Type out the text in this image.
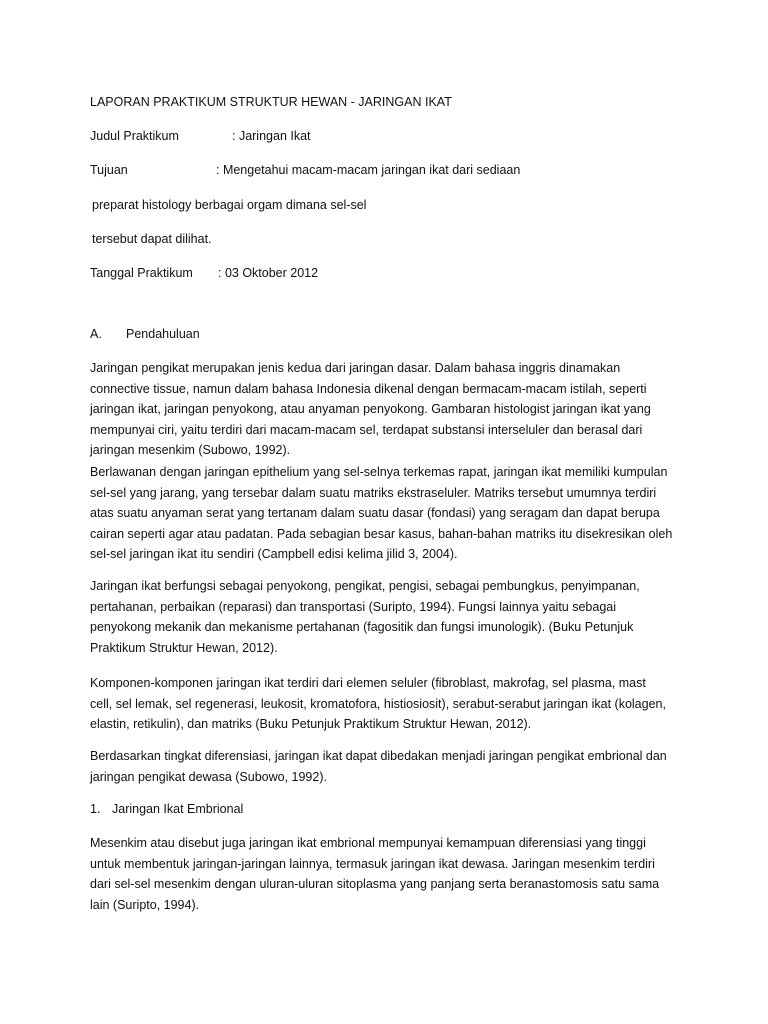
LAPORAN PRAKTIKUM STRUKTUR HEWAN - JARINGAN IKAT
Judul Praktikum	: Jaringan Ikat
Tujuan	: Mengetahui macam-macam jaringan ikat dari sediaan
preparat histology berbagai orgam dimana sel-sel
tersebut dapat dilihat.
Tanggal Praktikum : 03 Oktober 2012
A. Pendahuluan

Jaringan pengikat merupakan jenis kedua dari jaringan dasar. Dalam bahasa inggris dinamakan

connective tissue, namun dalam bahasa Indonesia dikenal dengan bermacam-macam istilah, seperti

jaringan ikat, jaringan penyokong, atau anyaman penyokong. Gambaran histologist jaringan ikat yang

mempunyai ciri, yaitu terdiri dari macam-macam sel, terdapat substansi interseluler dan berasal dari

jaringan mesenkim (Subowo, 1992).

Berlawanan dengan jaringan epithelium yang sel-selnya terkemas rapat, jaringan ikat memiliki kumpulan

sel-sel yang jarang, yang tersebar dalam suatu matriks ekstraseluler. Matriks tersebut umumnya terdiri

atas suatu anyaman serat yang tertanam dalam suatu dasar (fondasi) yang seragam dan dapat berupa

cairan seperti agar atau padatan. Pada sebagian besar kasus, bahan-bahan matriks itu disekresikan oleh

sel-sel jaringan ikat itu sendiri (Campbell edisi kelima jilid 3, 2004).

Jaringan ikat berfungsi sebagai penyokong, pengikat, pengisi, sebagai pembungkus, penyimpanan,

pertahanan, perbaikan (reparasi) dan transportasi (Suripto, 1994). Fungsi lainnya yaitu sebagai

penyokong mekanik dan mekanisme pertahanan (fagositik dan fungsi imunologik). (Buku Petunjuk

Praktikum Struktur Hewan, 2012).

Komponen-komponen jaringan ikat terdiri dari elemen seluler (fibroblast, makrofag, sel plasma, mast

cell, sel lemak, sel regenerasi, leukosit, kromatofora, histiosiosit), serabut-serabut jaringan ikat (kolagen,

elastin, retikulin), dan matriks (Buku Petunjuk Praktikum Struktur Hewan, 2012).

Berdasarkan tingkat diferensiasi, jaringan ikat dapat dibedakan menjadi jaringan pengikat embrional dan

jaringan pengikat dewasa (Subowo, 1992).

1. Jaringan Ikat Embrional

Mesenkim atau disebut juga jaringan ikat embrional mempunyai kemampuan diferensiasi yang tinggi

untuk membentuk jaringan-jaringan lainnya, termasuk jaringan ikat dewasa. Jaringan mesenkim terdiri

dari sel-sel mesenkim dengan uluran-uluran sitoplasma yang panjang serta beranastomosis satu sama

lain (Suripto, 1994).
